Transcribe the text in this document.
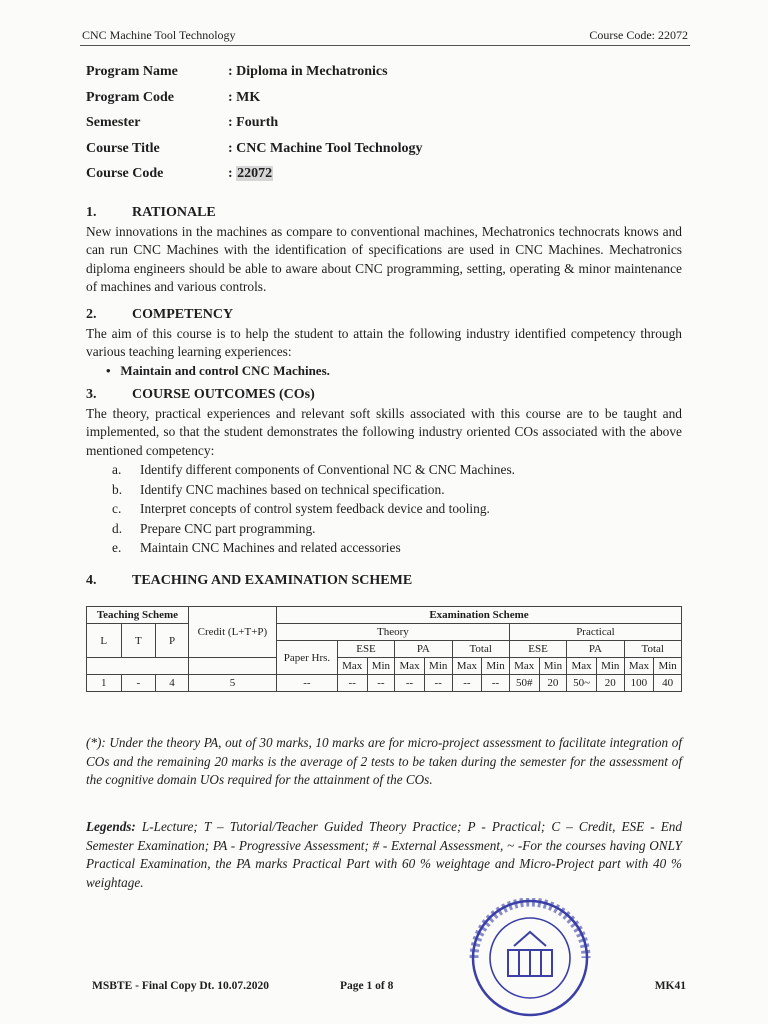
CNC Machine Tool Technology	Course Code: 22072
Program Name	: Diploma in Mechatronics
Program Code	: MK
Semester	: Fourth
Course Title	: CNC Machine Tool Technology
Course Code	: 22072
1.	RATIONALE
New innovations in the machines as compare to conventional machines, Mechatronics technocrats knows and can run CNC Machines with the identification of specifications are used in CNC Machines. Mechatronics diploma engineers should be able to aware about CNC programming, setting, operating & minor maintenance of machines and various controls.
2.	COMPETENCY
The aim of this course is to help the student to attain the following industry identified competency through various teaching learning experiences:
• Maintain and control CNC Machines.
3.	COURSE OUTCOMES (COs)
The theory, practical experiences and relevant soft skills associated with this course are to be taught and implemented, so that the student demonstrates the following industry oriented COs associated with the above mentioned competency:
a.	Identify different components of Conventional NC & CNC Machines.
b.	Identify CNC machines based on technical specification.
c.	Interpret concepts of control system feedback device and tooling.
d.	Prepare CNC part programming.
e.	Maintain CNC Machines and related accessories
4.	TEACHING AND EXAMINATION SCHEME
Teaching Scheme			Credit (L+T+P)	Examination Scheme												

L	T	P		Theory							Practical					
				Paper Hrs.	ESE		PA		Total		ESE		PA		Total	
					Max	Min	Max	Min	Max	Min	Max	Min	Max	Min	Max	Min
1	-	4	5	--	--	--	--	--	--	--	50#	20	50~	20	100	40
(*): Under the theory PA, out of 30 marks, 10 marks are for micro-project assessment to facilitate integration of COs and the remaining 20 marks is the average of 2 tests to be taken during the semester for the assessment of the cognitive domain UOs required for the attainment of the COs.
Legends: L-Lecture; T – Tutorial/Teacher Guided Theory Practice; P - Practical; C – Credit, ESE - End Semester Examination; PA - Progressive Assessment; # - External Assessment, ~ -For the courses having ONLY Practical Examination, the PA marks Practical Part with 60 % weightage and Micro-Project part with 40 % weightage.
MSBTE - Final Copy Dt. 10.07.2020	Page 1 of 8	MK41
